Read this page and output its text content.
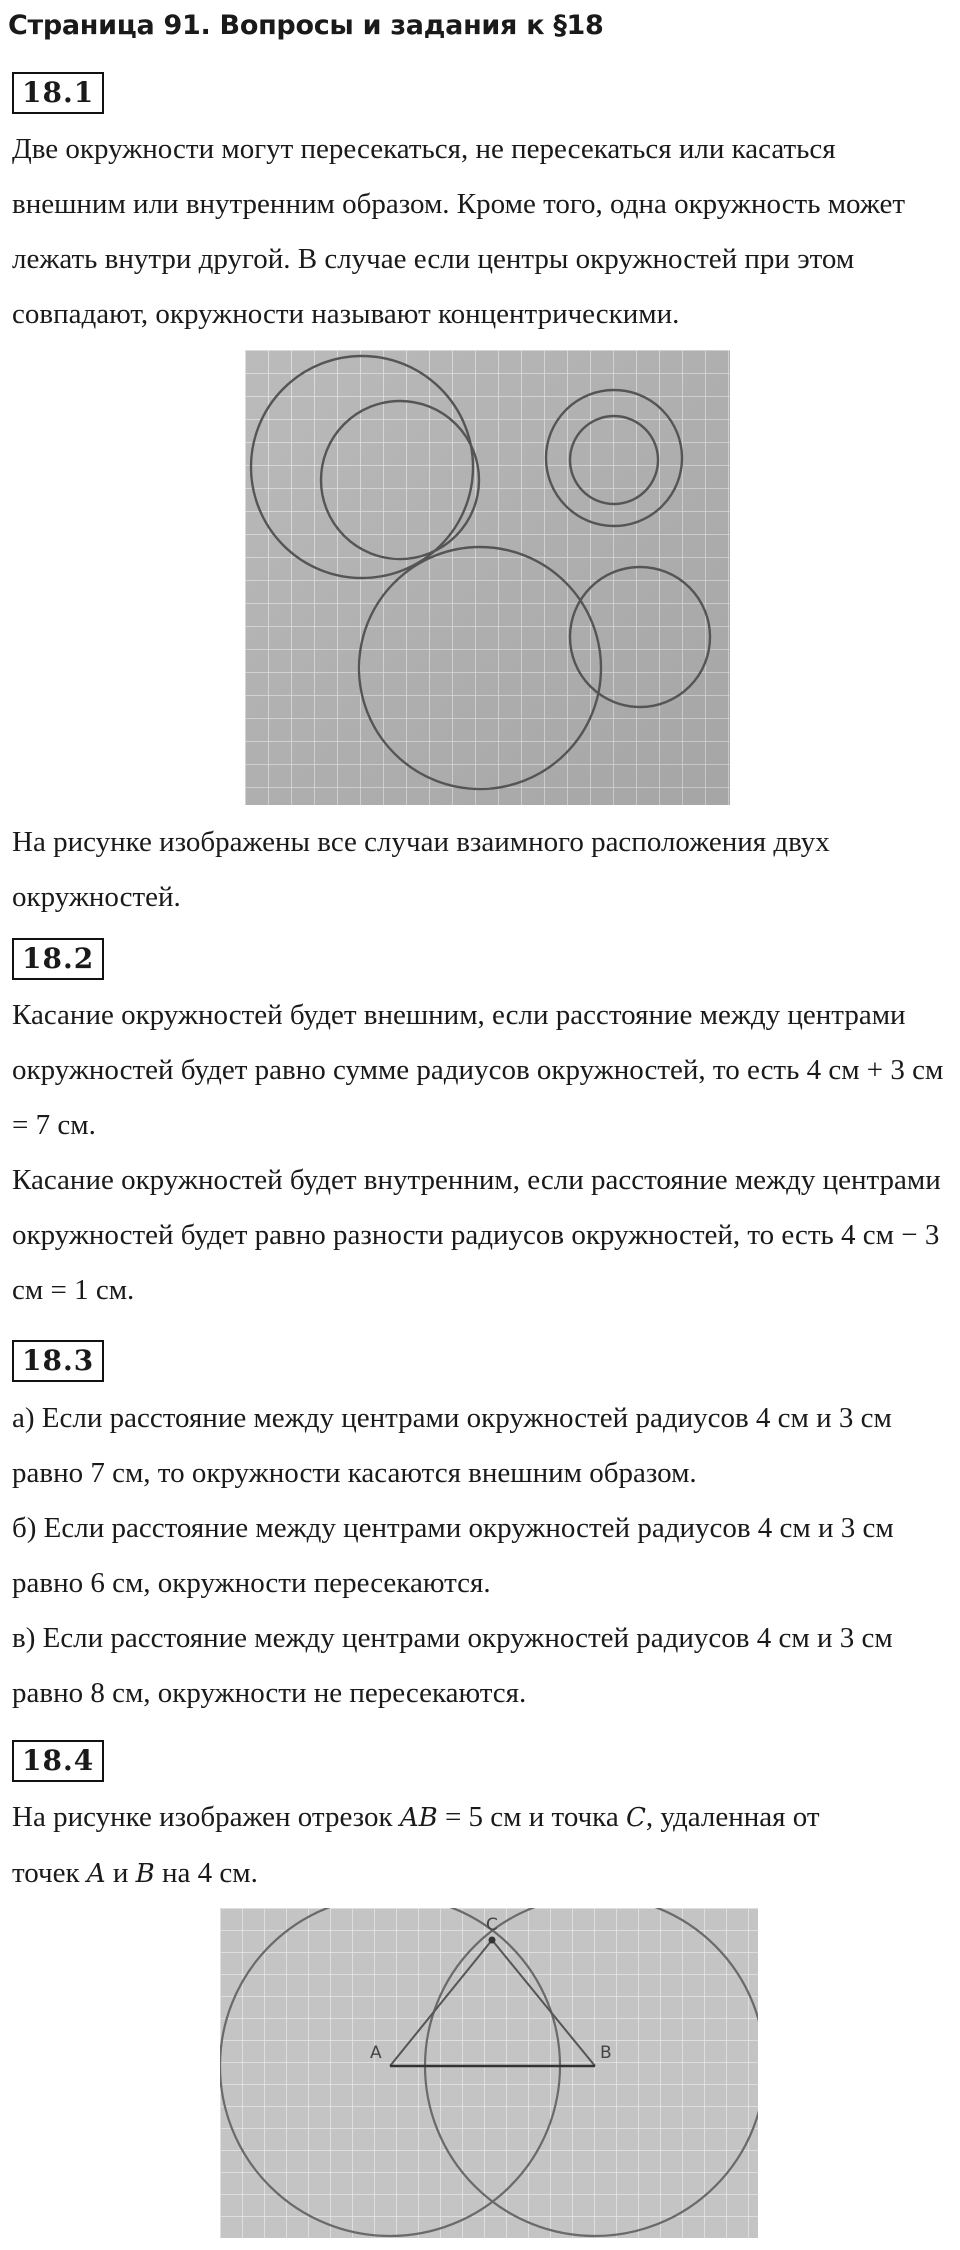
Страница 91. Вопросы и задания к §18
18.1

Две окружности могут пересекаться, не пересекаться или касаться внешним или внутренним образом. Кроме того, одна окружность может лежать внутри другой. В случае если центры окружностей при этом совпадают, окружности называют концентрическими.

На рисунке изображены все случаи взаимного расположения двух окружностей.

18.2

Касание окружностей будет внешним, если расстояние между центрами окружностей будет равно сумме радиусов окружностей, то есть 4 см + 3 см = 7 см.

Касание окружностей будет внутренним, если расстояние между центрами окружностей будет равно разности радиусов окружностей, то есть 4 см − 3 см = 1 см.

18.3

а) Если расстояние между центрами окружностей радиусов 4 см и 3 см равно 7 см, то окружности касаются внешним образом.

б) Если расстояние между центрами окружностей радиусов 4 см и 3 см равно 6 см, окружности пересекаются.

в) Если расстояние между центрами окружностей радиусов 4 см и 3 см равно 8 см, окружности не пересекаются.

18.4

На рисунке изображен отрезок AB = 5 см и точка C, удаленная от

точек A и B на 4 см.

A	B
C
